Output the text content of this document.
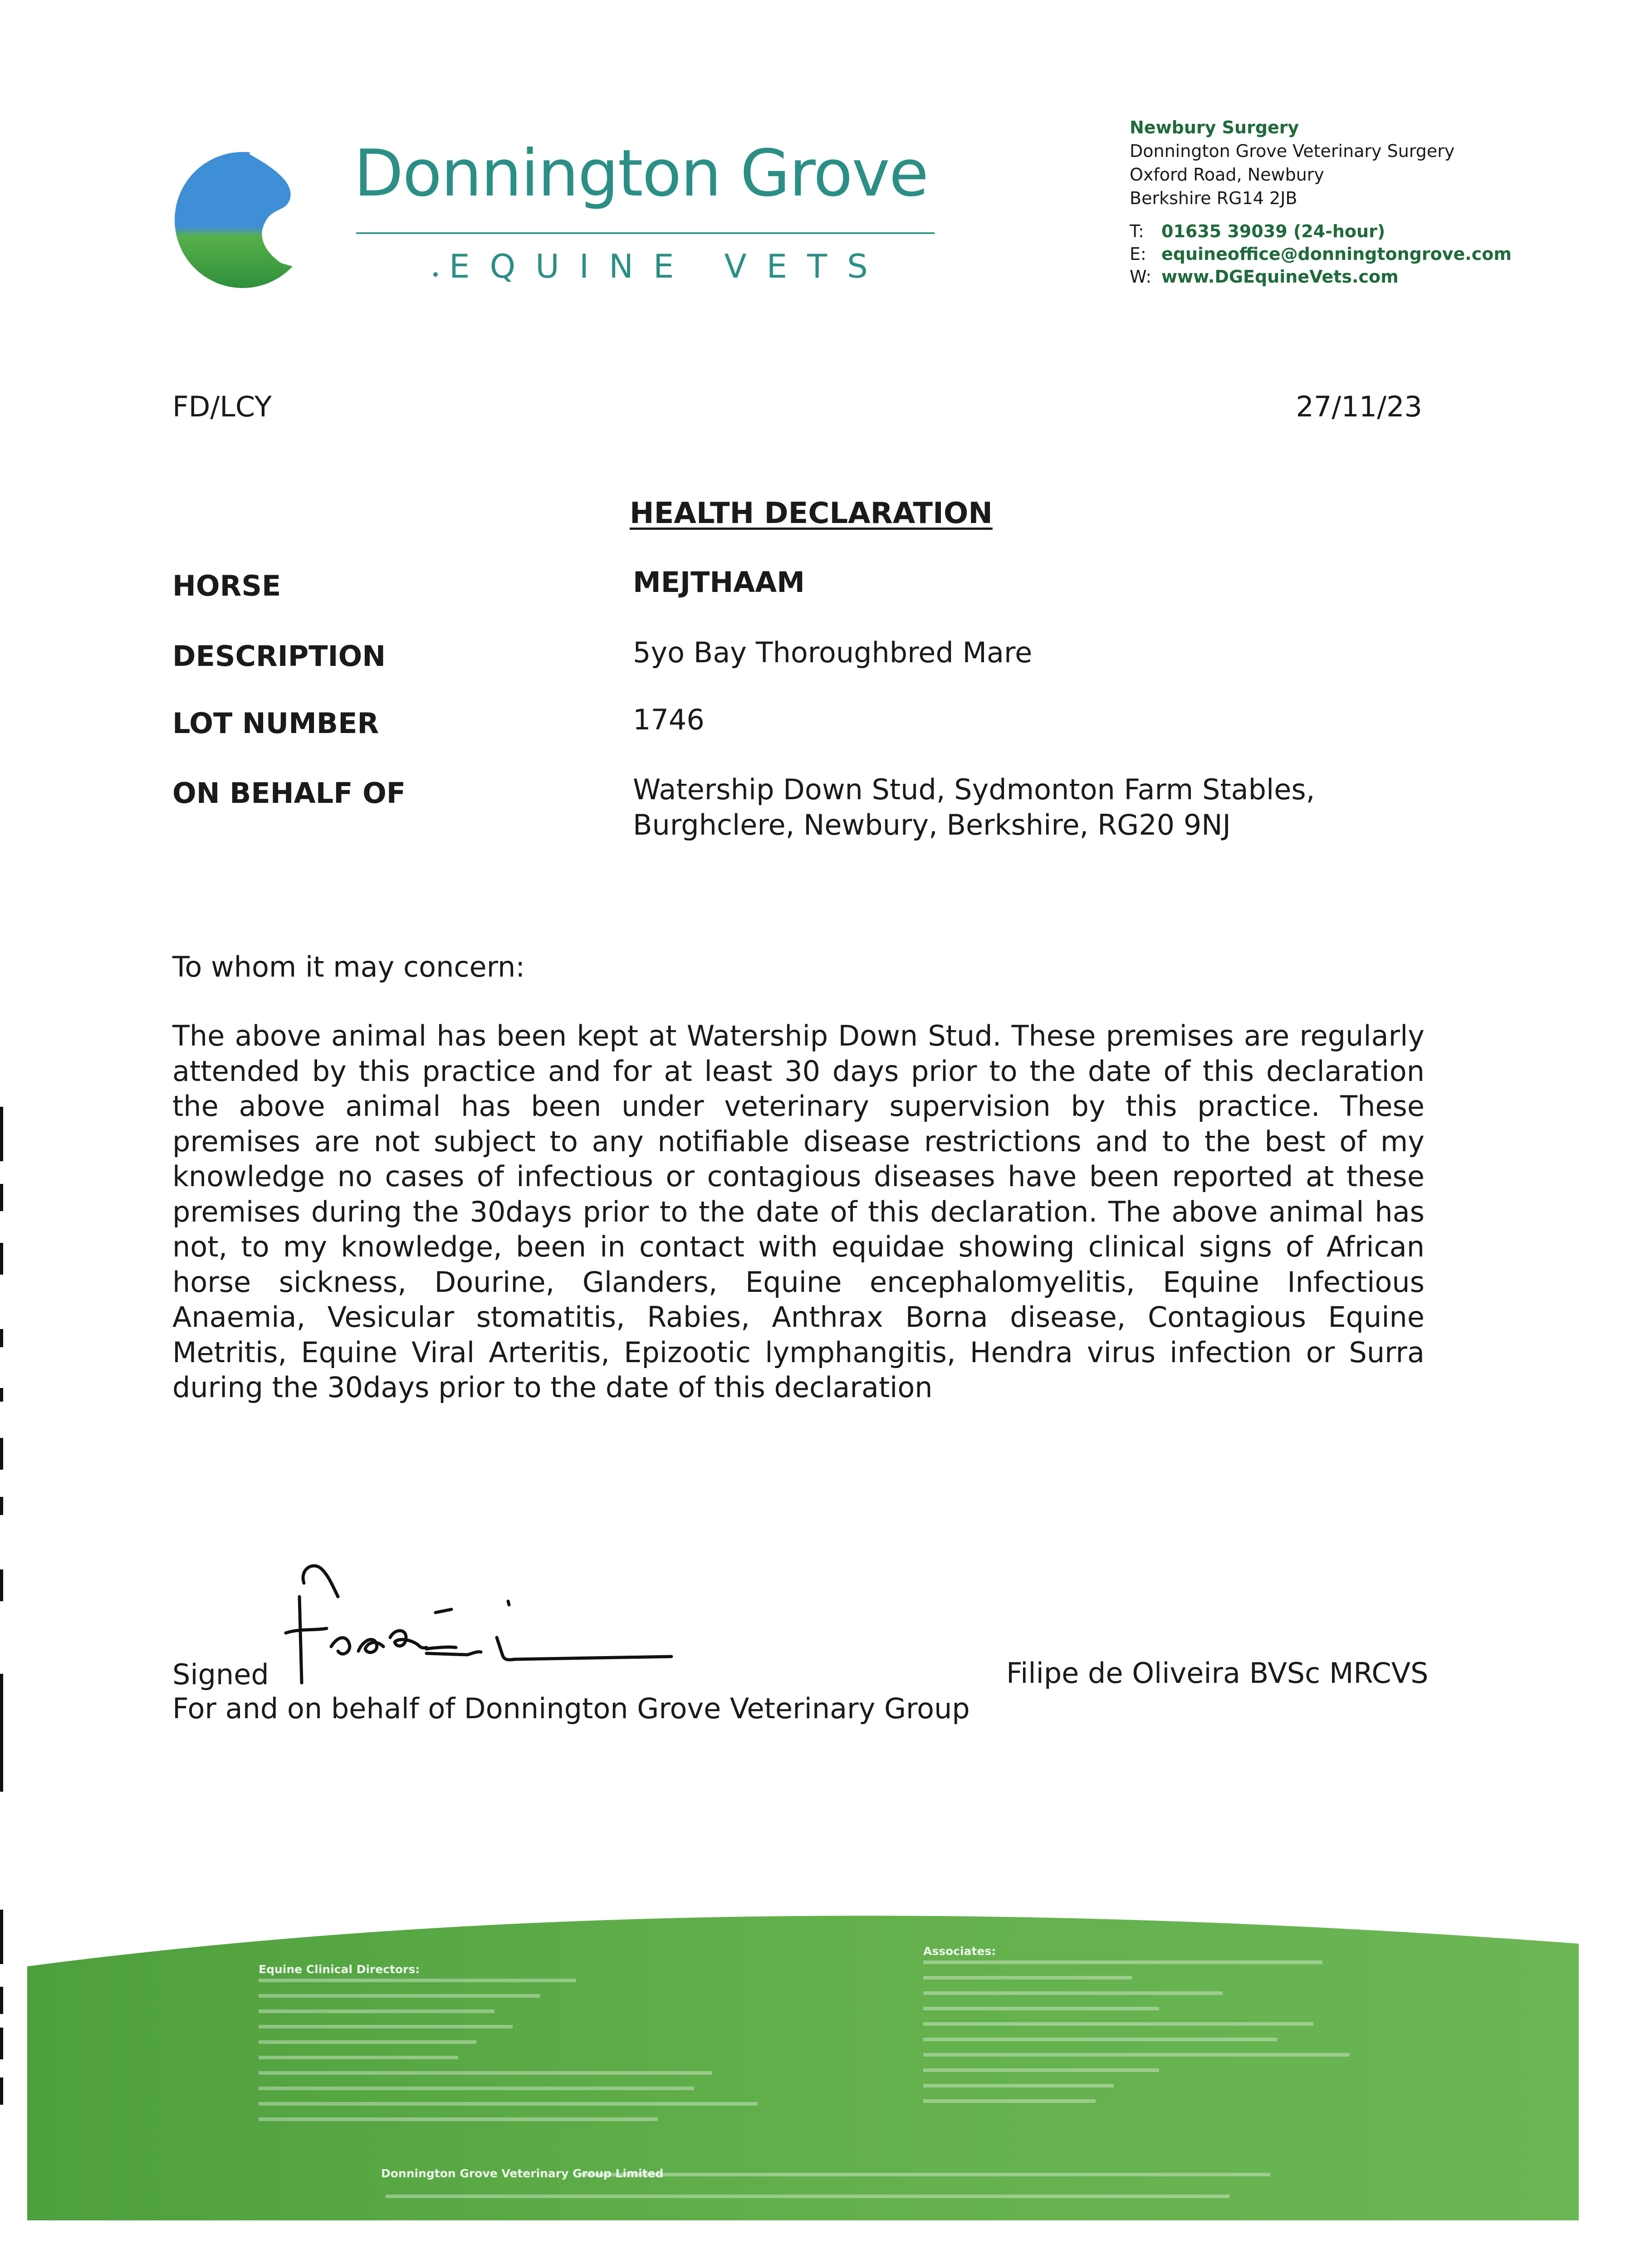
Donnington Grove
EQUINE VETS
Newbury Surgery
Donnington Grove Veterinary Surgery
Oxford Road, Newbury
Berkshire RG14 2JB
T: 01635 39039 (24-hour)
E: equineoffice@donningtongrove.com
W: www.DGEquineVets.com
FD/LCY	27/11/23
HEALTH DECLARATION
HORSE	MEJTHAAM
DESCRIPTION	5yo Bay Thoroughbred Mare
LOT NUMBER	1746
ON BEHALF OF	Watership Down Stud, Sydmonton Farm Stables,
Burghclere, Newbury, Berkshire, RG20 9NJ
To whom it may concern:
The above animal has been kept at Watership Down Stud. These premises are regularly attended by this practice and for at least 30 days prior to the date of this declaration the above animal has been under veterinary supervision by this practice. These premises are not subject to any notifiable disease restrictions and to the best of my knowledge no cases of infectious or contagious diseases have been reported at these premises during the 30days prior to the date of this declaration. The above animal has not, to my knowledge, been in contact with equidae showing clinical signs of African horse sickness, Dourine, Glanders, Equine encephalomyelitis, Equine Infectious Anaemia, Vesicular stomatitis, Rabies, Anthrax Borna disease, Contagious Equine Metritis, Equine Viral Arteritis, Epizootic lymphangitis, Hendra virus infection or Surra during the 30days prior to the date of this declaration
Signed	Filipe de Oliveira BVSc MRCVS
For and on behalf of Donnington Grove Veterinary Group
Equine Clinical Directors:
Associates:
Donnington Grove Veterinary Group Limited
